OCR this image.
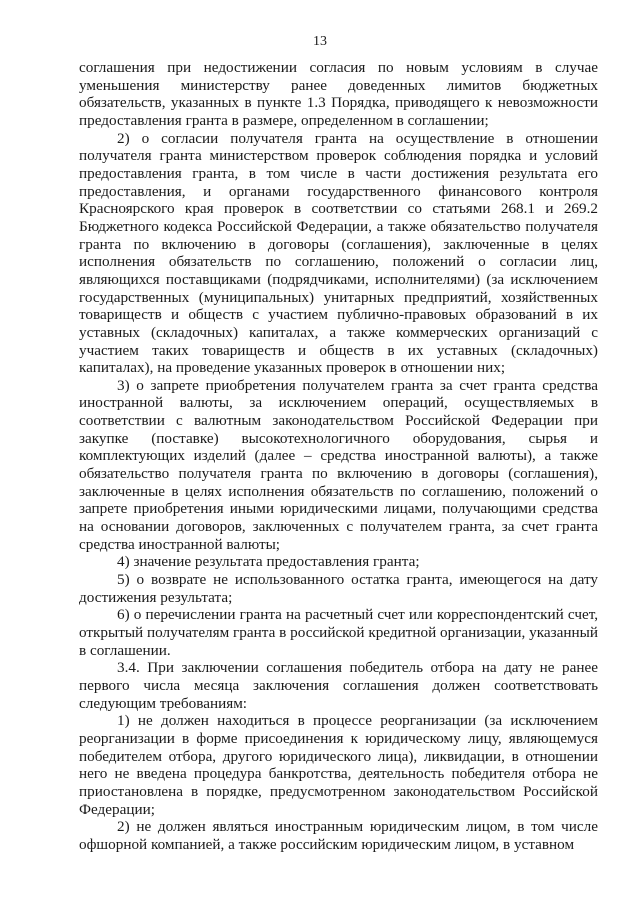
13

соглашения при недостижении согласия по новым условиям в случае уменьшения министерству ранее доведенных лимитов бюджетных обязательств, указанных в пункте 1.3 Порядка, приводящего к невозможности предоставления гранта в размере, определенном в соглашении;

2) о согласии получателя гранта на осуществление в отношении получателя гранта министерством проверок соблюдения порядка и условий предоставления гранта, в том числе в части достижения результата его предоставления, и органами государственного финансового контроля Красноярского края проверок в соответствии со статьями 268.1 и 269.2 Бюджетного кодекса Российской Федерации, а также обязательство получателя гранта по включению в договоры (соглашения), заключенные в целях исполнения обязательств по соглашению, положений о согласии лиц, являющихся поставщиками (подрядчиками, исполнителями) (за исключением государственных (муниципальных) унитарных предприятий, хозяйственных товариществ и обществ с участием публично-правовых образований в их уставных (складочных) капиталах, а также коммерческих организаций с участием таких товариществ и обществ в их уставных (складочных) капиталах), на проведение указанных проверок в отношении них;

3) о запрете приобретения получателем гранта за счет гранта средства иностранной валюты, за исключением операций, осуществляемых в соответствии с валютным законодательством Российской Федерации при закупке (поставке) высокотехнологичного оборудования, сырья и комплектующих изделий (далее – средства иностранной валюты), а также обязательство получателя гранта по включению в договоры (соглашения), заключенные в целях исполнения обязательств по соглашению, положений о запрете приобретения иными юридическими лицами, получающими средства на основании договоров, заключенных с получателем гранта, за счет гранта средства иностранной валюты;

4) значение результата предоставления гранта;

5) о возврате не использованного остатка гранта, имеющегося на дату достижения результата;

6) о перечислении гранта на расчетный счет или корреспондентский счет, открытый получателям гранта в российской кредитной организации, указанный в соглашении.

3.4. При заключении соглашения победитель отбора на дату не ранее первого числа месяца заключения соглашения должен соответствовать следующим требованиям:

1) не должен находиться в процессе реорганизации (за исключением реорганизации в форме присоединения к юридическому лицу, являющемуся победителем отбора, другого юридического лица), ликвидации, в отношении него не введена процедура банкротства, деятельность победителя отбора не приостановлена в порядке, предусмотренном законодательством Российской Федерации;

2) не должен являться иностранным юридическим лицом, в том числе офшорной компанией, а также российским юридическим лицом, в уставном
